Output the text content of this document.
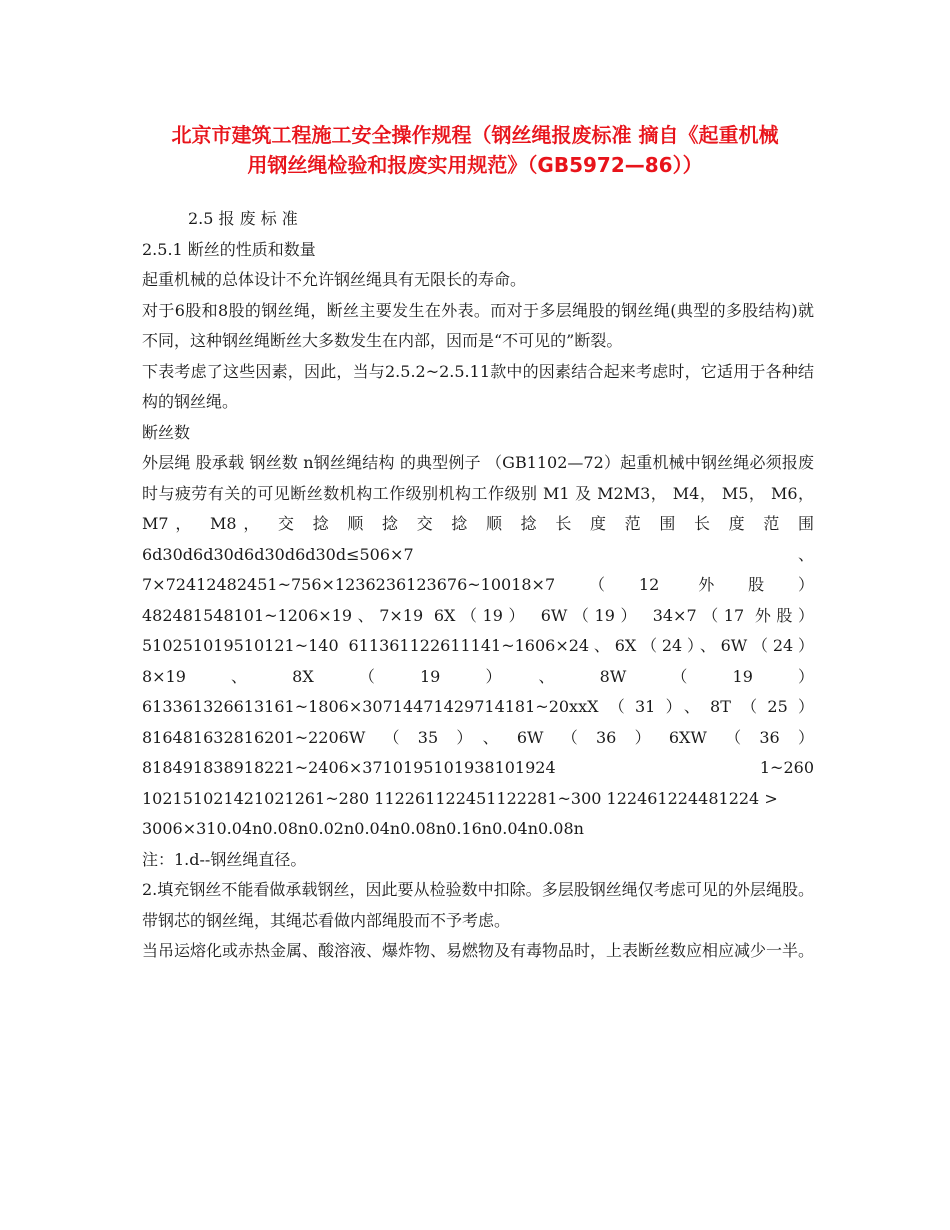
北京市建筑工程施工安全操作规程（钢丝绳报废标准 摘自《起重机械
用钢丝绳检验和报废实用规范》（GB5972—86））

2.5 报 废 标 准

2.5.1 断丝的性质和数量

起重机械的总体设计不允许钢丝绳具有无限长的寿命。

对于6股和8股的钢丝绳，断丝主要发生在外表。而对于多层绳股的钢丝绳(典型的多股结构)就不同，这种钢丝绳断丝大多数发生在内部，因而是“不可见的”断裂。

下表考虑了这些因素，因此，当与2.5.2~2.5.11款中的因素结合起来考虑时，它适用于各种结构的钢丝绳。

断丝数

外层绳 股承载 钢丝数 n钢丝绳结构 的典型例子 （GB1102—72）起重机械中钢丝绳必须报废 时与疲劳有关的可见断丝数机构工作级别机构工作级别 M1 及 M2M3， M4， M5， M6， M7， M8， 交 捻 顺 捻 交 捻 顺 捻 长 度 范 围 长 度 范 围 6d30d6d30d6d30d6d30d≤506×7、7×72412482451~756×1236236123676~10018×7（12 外股） 482481548101~1206×19、7×19 6X（19） 6W（19） 34×7（17 外股）510251019510121~140 611361122611141~1606×24、6X（24）、6W（24）8×19、8X（19）、8W（19）613361326613161~1806×30714471429714181~20xxX（31）、8T（25）816481632816201~2206W（35）、6W（36）6XW（36）818491838918221~2406×3710195101938101924 1~260 102151021421021261~280 112261122451122281~300 122461224481224 >

3006×310.04n0.08n0.02n0.04n0.08n0.16n0.04n0.08n

注：1.d--钢丝绳直径。

2.填充钢丝不能看做承载钢丝，因此要从检验数中扣除。多层股钢丝绳仅考虑可见的外层绳股。带钢芯的钢丝绳，其绳芯看做内部绳股而不予考虑。

当吊运熔化或赤热金属、酸溶液、爆炸物、易燃物及有毒物品时，上表断丝数应相应减少一半。
